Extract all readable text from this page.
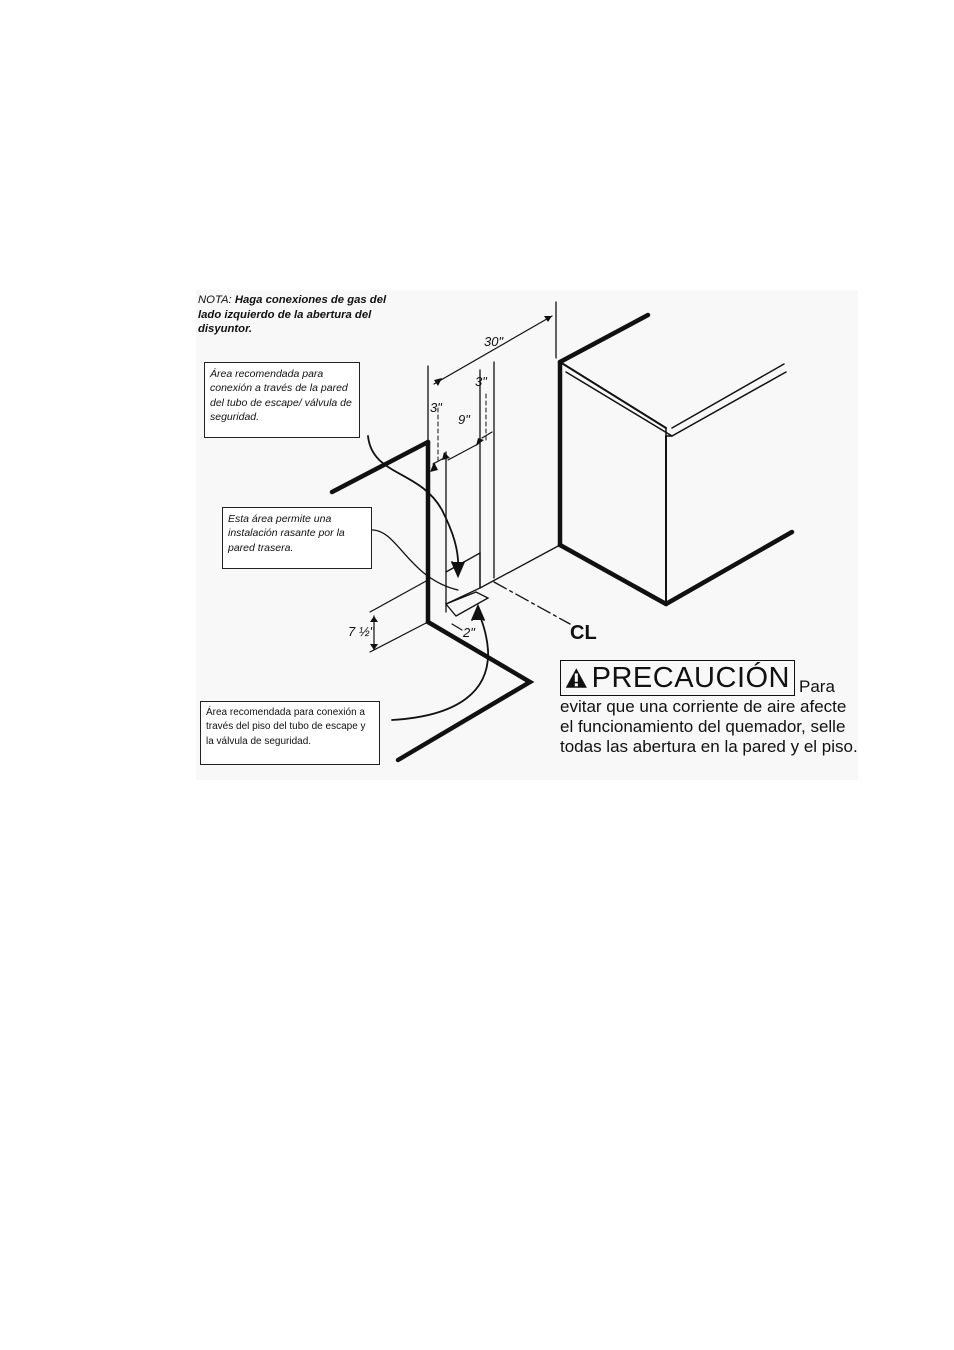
NOTA: Haga conexiones de gas del lado izquierdo de la abertura del disyuntor.
Área recomendada para conexión a través de la pared del tubo de escape/ válvula de seguridad.
Esta área permite una instalación rasante por la pared trasera.
Área recomendada para conexión a través del piso del tubo de escape y la válvula de seguridad.
30"
3"
3"
9"
7 ½"	2"	CL
PRECAUCIÓN Para
evitar que una corriente de aire afecte el funcionamiento del quemador, selle todas las abertura en la pared y el piso.
